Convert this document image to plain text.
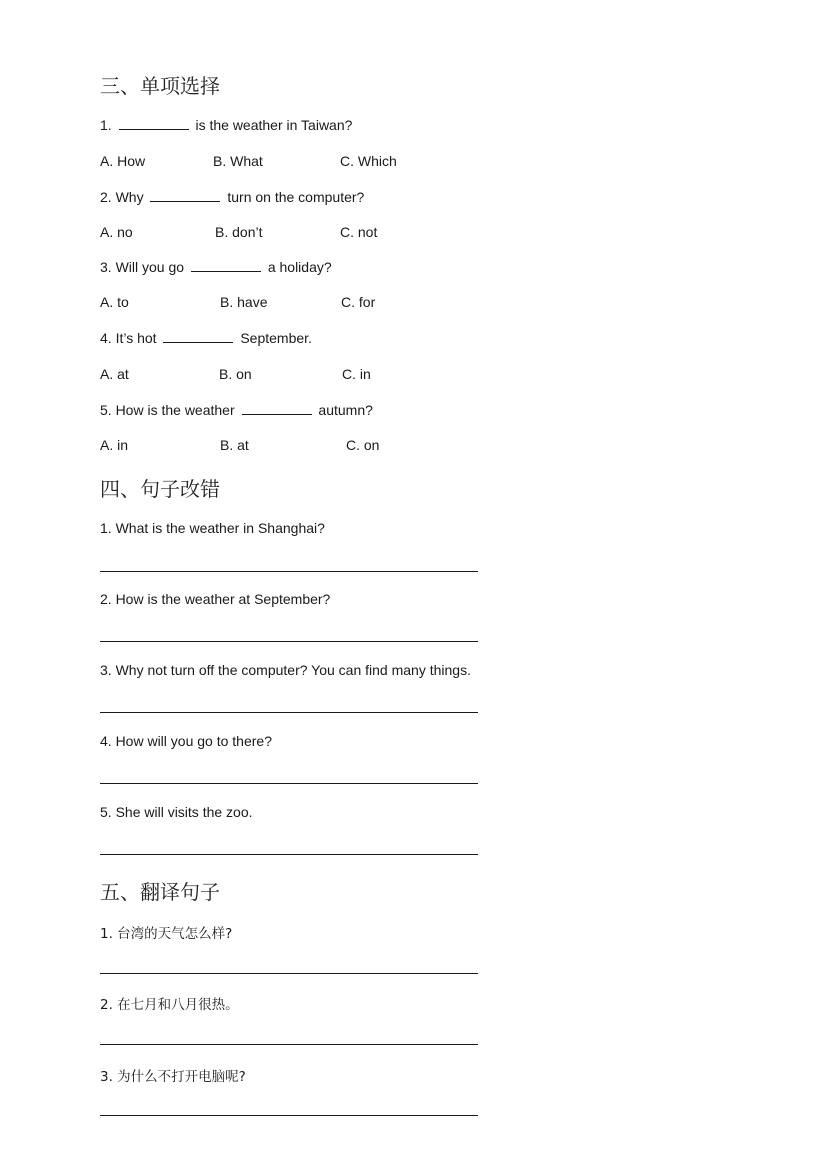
三、单项选择
1.	is the weather in Taiwan?
A. How	B. What	C. Which
2. Why	turn on the computer?
A. no	B. don’t	C. not
3. Will you go	a holiday?
A. to	B. have	C. for
4. It’s hot	September.
A. at	B. on	C. in
5. How is the weather	autumn?
A. in	B. at	C. on
四、句子改错
1. What is the weather in Shanghai?
2. How is the weather at September?
3. Why not turn off the computer? You can find many things.
4. How will you go to there?
5. She will visits the zoo.
五、翻译句子
1. 台湾的天气怎么样?
2. 在七月和八月很热。
3. 为什么不打开电脑呢?
